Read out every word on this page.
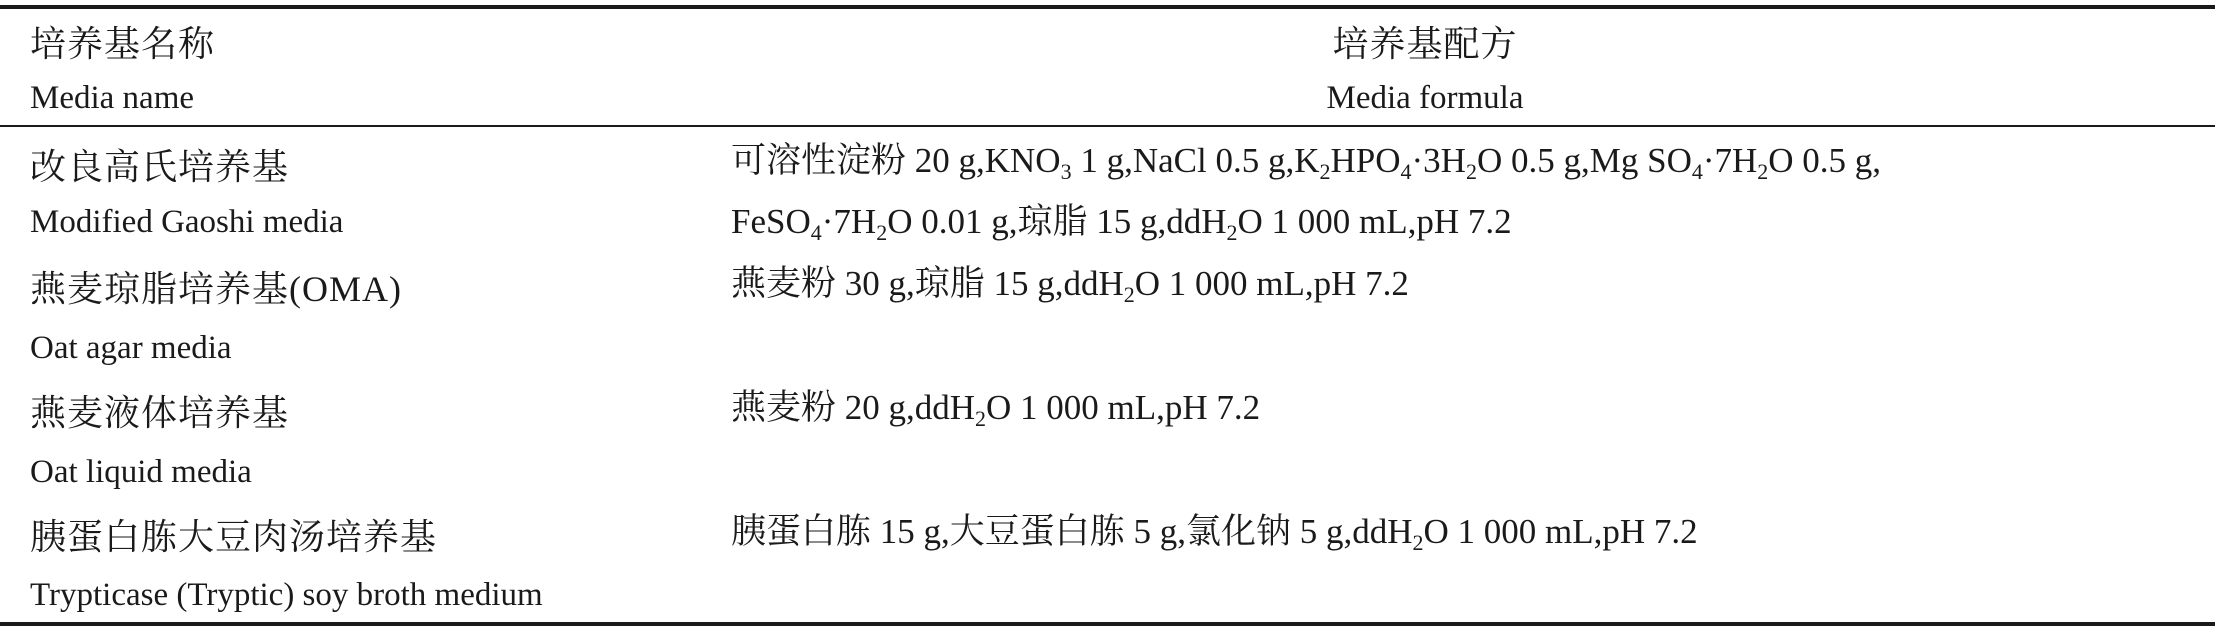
培养基名称
Media name
培养基配方
Media formula
改良高氏培养基
Modified Gaoshi media
可溶性淀粉 20 $g,KNO_3$ 1 g,NaCl 0.5 $g,K_2HPO_4\cdot 3H_2O$ 0.5 g,Mg $SO_4\cdot 7H_2O$ 0.5 g,
$FeSO_4\cdot 7H_2O$ 0.01 g,琼脂 15 g,ddH$_2$O 1 000 mL,pH 7.2
燕麦琼脂培养基(OMA)
Oat agar media
燕麦粉 30 g,琼脂 15 g,ddH$_2$O 1 000 mL,pH 7.2
燕麦液体培养基
Oat liquid media
燕麦粉 20 g,ddH$_2$O 1 000 mL,pH 7.2
胰蛋白胨大豆肉汤培养基
Trypticase (Tryptic) soy broth medium
胰蛋白胨 15 g,大豆蛋白胨 5 g,氯化钠 5 g,ddH$_2$O 1 000 mL,pH 7.2
